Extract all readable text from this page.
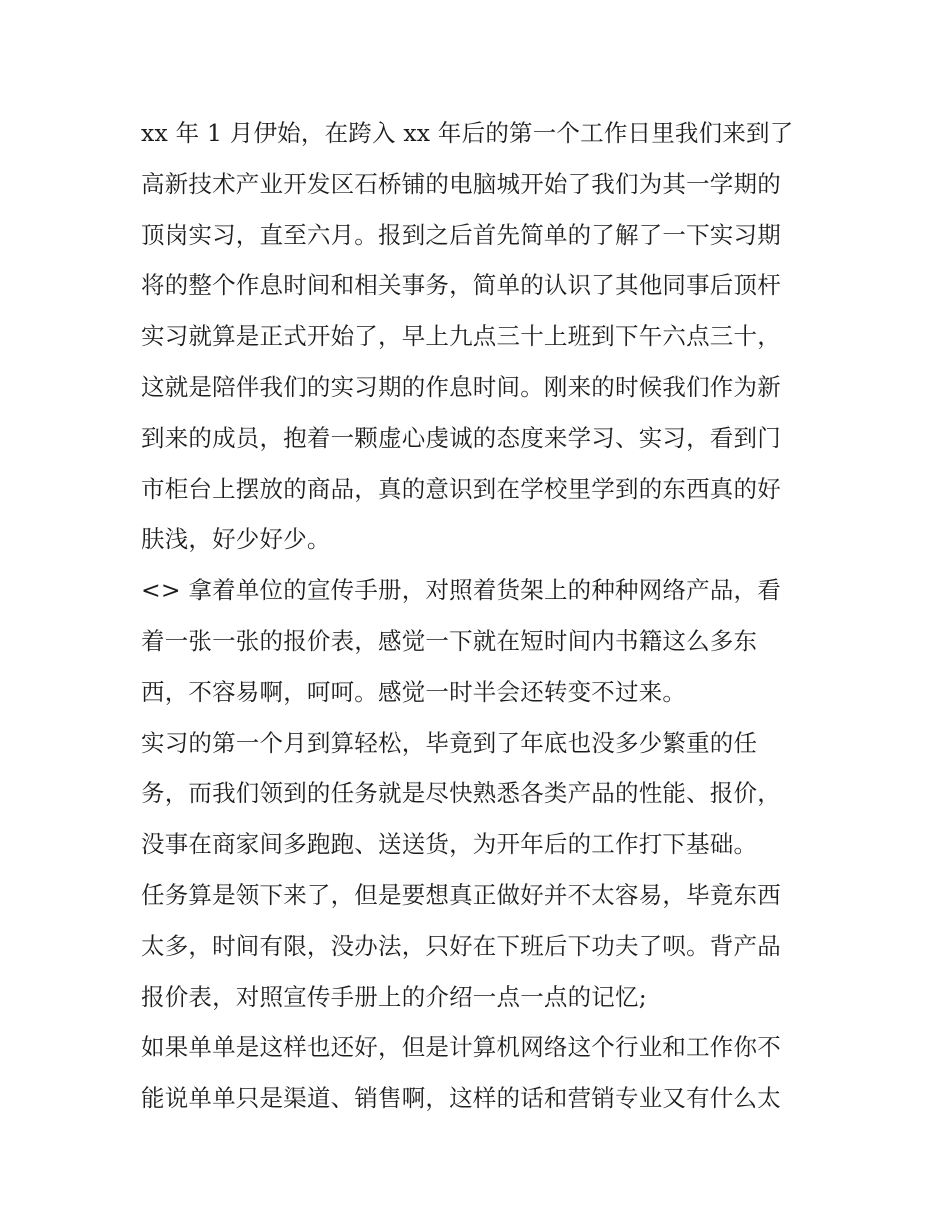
xx 年 1 月伊始，在跨入 xx 年后的第一个工作日里我们来到了
高新技术产业开发区石桥铺的电脑城开始了我们为其一学期的
顶岗实习，直至六月。报到之后首先简单的了解了一下实习期
将的整个作息时间和相关事务，简单的认识了其他同事后顶杆
实习就算是正式开始了，早上九点三十上班到下午六点三十，
这就是陪伴我们的实习期的作息时间。刚来的时候我们作为新
到来的成员，抱着一颗虚心虔诚的态度来学习、实习，看到门
市柜台上摆放的商品，真的意识到在学校里学到的东西真的好
肤浅，好少好少。
<> 拿着单位的宣传手册，对照着货架上的种种网络产品，看
着一张一张的报价表，感觉一下就在短时间内书籍这么多东
西，不容易啊，呵呵。感觉一时半会还转变不过来。
实习的第一个月到算轻松，毕竟到了年底也没多少繁重的任
务，而我们领到的任务就是尽快熟悉各类产品的性能、报价，
没事在商家间多跑跑、送送货，为开年后的工作打下基础。
任务算是领下来了，但是要想真正做好并不太容易，毕竟东西
太多，时间有限，没办法，只好在下班后下功夫了呗。背产品
报价表，对照宣传手册上的介绍一点一点的记忆;
如果单单是这样也还好，但是计算机网络这个行业和工作你不
能说单单只是渠道、销售啊，这样的话和营销专业又有什么太
